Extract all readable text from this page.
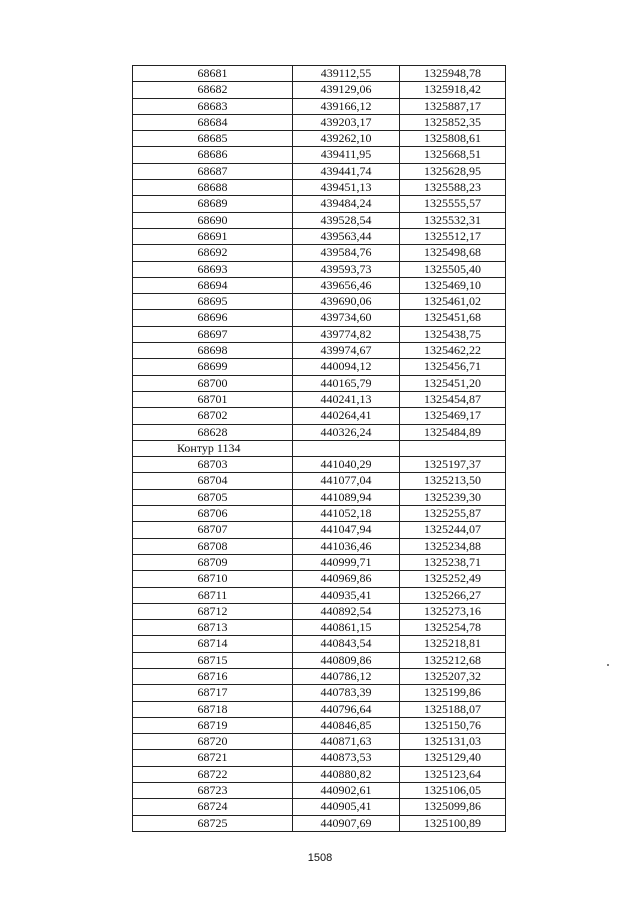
68681	439112,55	1325948,78
68682	439129,06	1325918,42
68683	439166,12	1325887,17
68684	439203,17	1325852,35
68685	439262,10	1325808,61
68686	439411,95	1325668,51
68687	439441,74	1325628,95
68688	439451,13	1325588,23
68689	439484,24	1325555,57
68690	439528,54	1325532,31
68691	439563,44	1325512,17
68692	439584,76	1325498,68
68693	439593,73	1325505,40
68694	439656,46	1325469,10
68695	439690,06	1325461,02
68696	439734,60	1325451,68
68697	439774,82	1325438,75
68698	439974,67	1325462,22
68699	440094,12	1325456,71
68700	440165,79	1325451,20
68701	440241,13	1325454,87
68702	440264,41	1325469,17
68628	440326,24	1325484,89
Контур 1134		
68703	441040,29	1325197,37
68704	441077,04	1325213,50
68705	441089,94	1325239,30
68706	441052,18	1325255,87
68707	441047,94	1325244,07
68708	441036,46	1325234,88
68709	440999,71	1325238,71
68710	440969,86	1325252,49
68711	440935,41	1325266,27
68712	440892,54	1325273,16
68713	440861,15	1325254,78
68714	440843,54	1325218,81
68715	440809,86	1325212,68
68716	440786,12	1325207,32
68717	440783,39	1325199,86
68718	440796,64	1325188,07
68719	440846,85	1325150,76
68720	440871,63	1325131,03
68721	440873,53	1325129,40
68722	440880,82	1325123,64
68723	440902,61	1325106,05
68724	440905,41	1325099,86
68725	440907,69	1325100,89
1508
